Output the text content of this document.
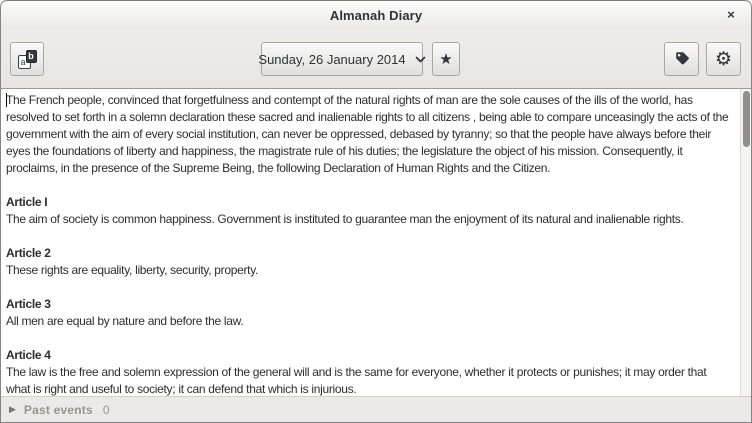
Almanah Diary	×
a
b	Sunday, 26 January 2014 ★	⚙
The French people, convinced that forgetfulness and contempt of the natural rights of man are the sole causes of the ills of the world, has resolved to set forth in a solemn declaration these sacred and inalienable rights to all citizens , being able to compare unceasingly the acts of the government with the aim of every social institution, can never be oppressed, debased by tyranny; so that the people have always before their eyes the foundations of liberty and happiness, the magistrate rule of his duties; the legislature the object of his mission. Consequently, it proclaims, in the presence of the Supreme Being, the following Declaration of Human Rights and the Citizen.
Article I
The aim of society is common happiness. Government is instituted to guarantee man the enjoyment of its natural and inalienable rights.
Article 2
These rights are equality, liberty, security, property.
Article 3
All men are equal by nature and before the law.
Article 4
The law is the free and solemn expression of the general will and is the same for everyone, whether it protects or punishes; it may order that what is right and useful to society; it can defend that which is injurious.
▶ Past events 0
